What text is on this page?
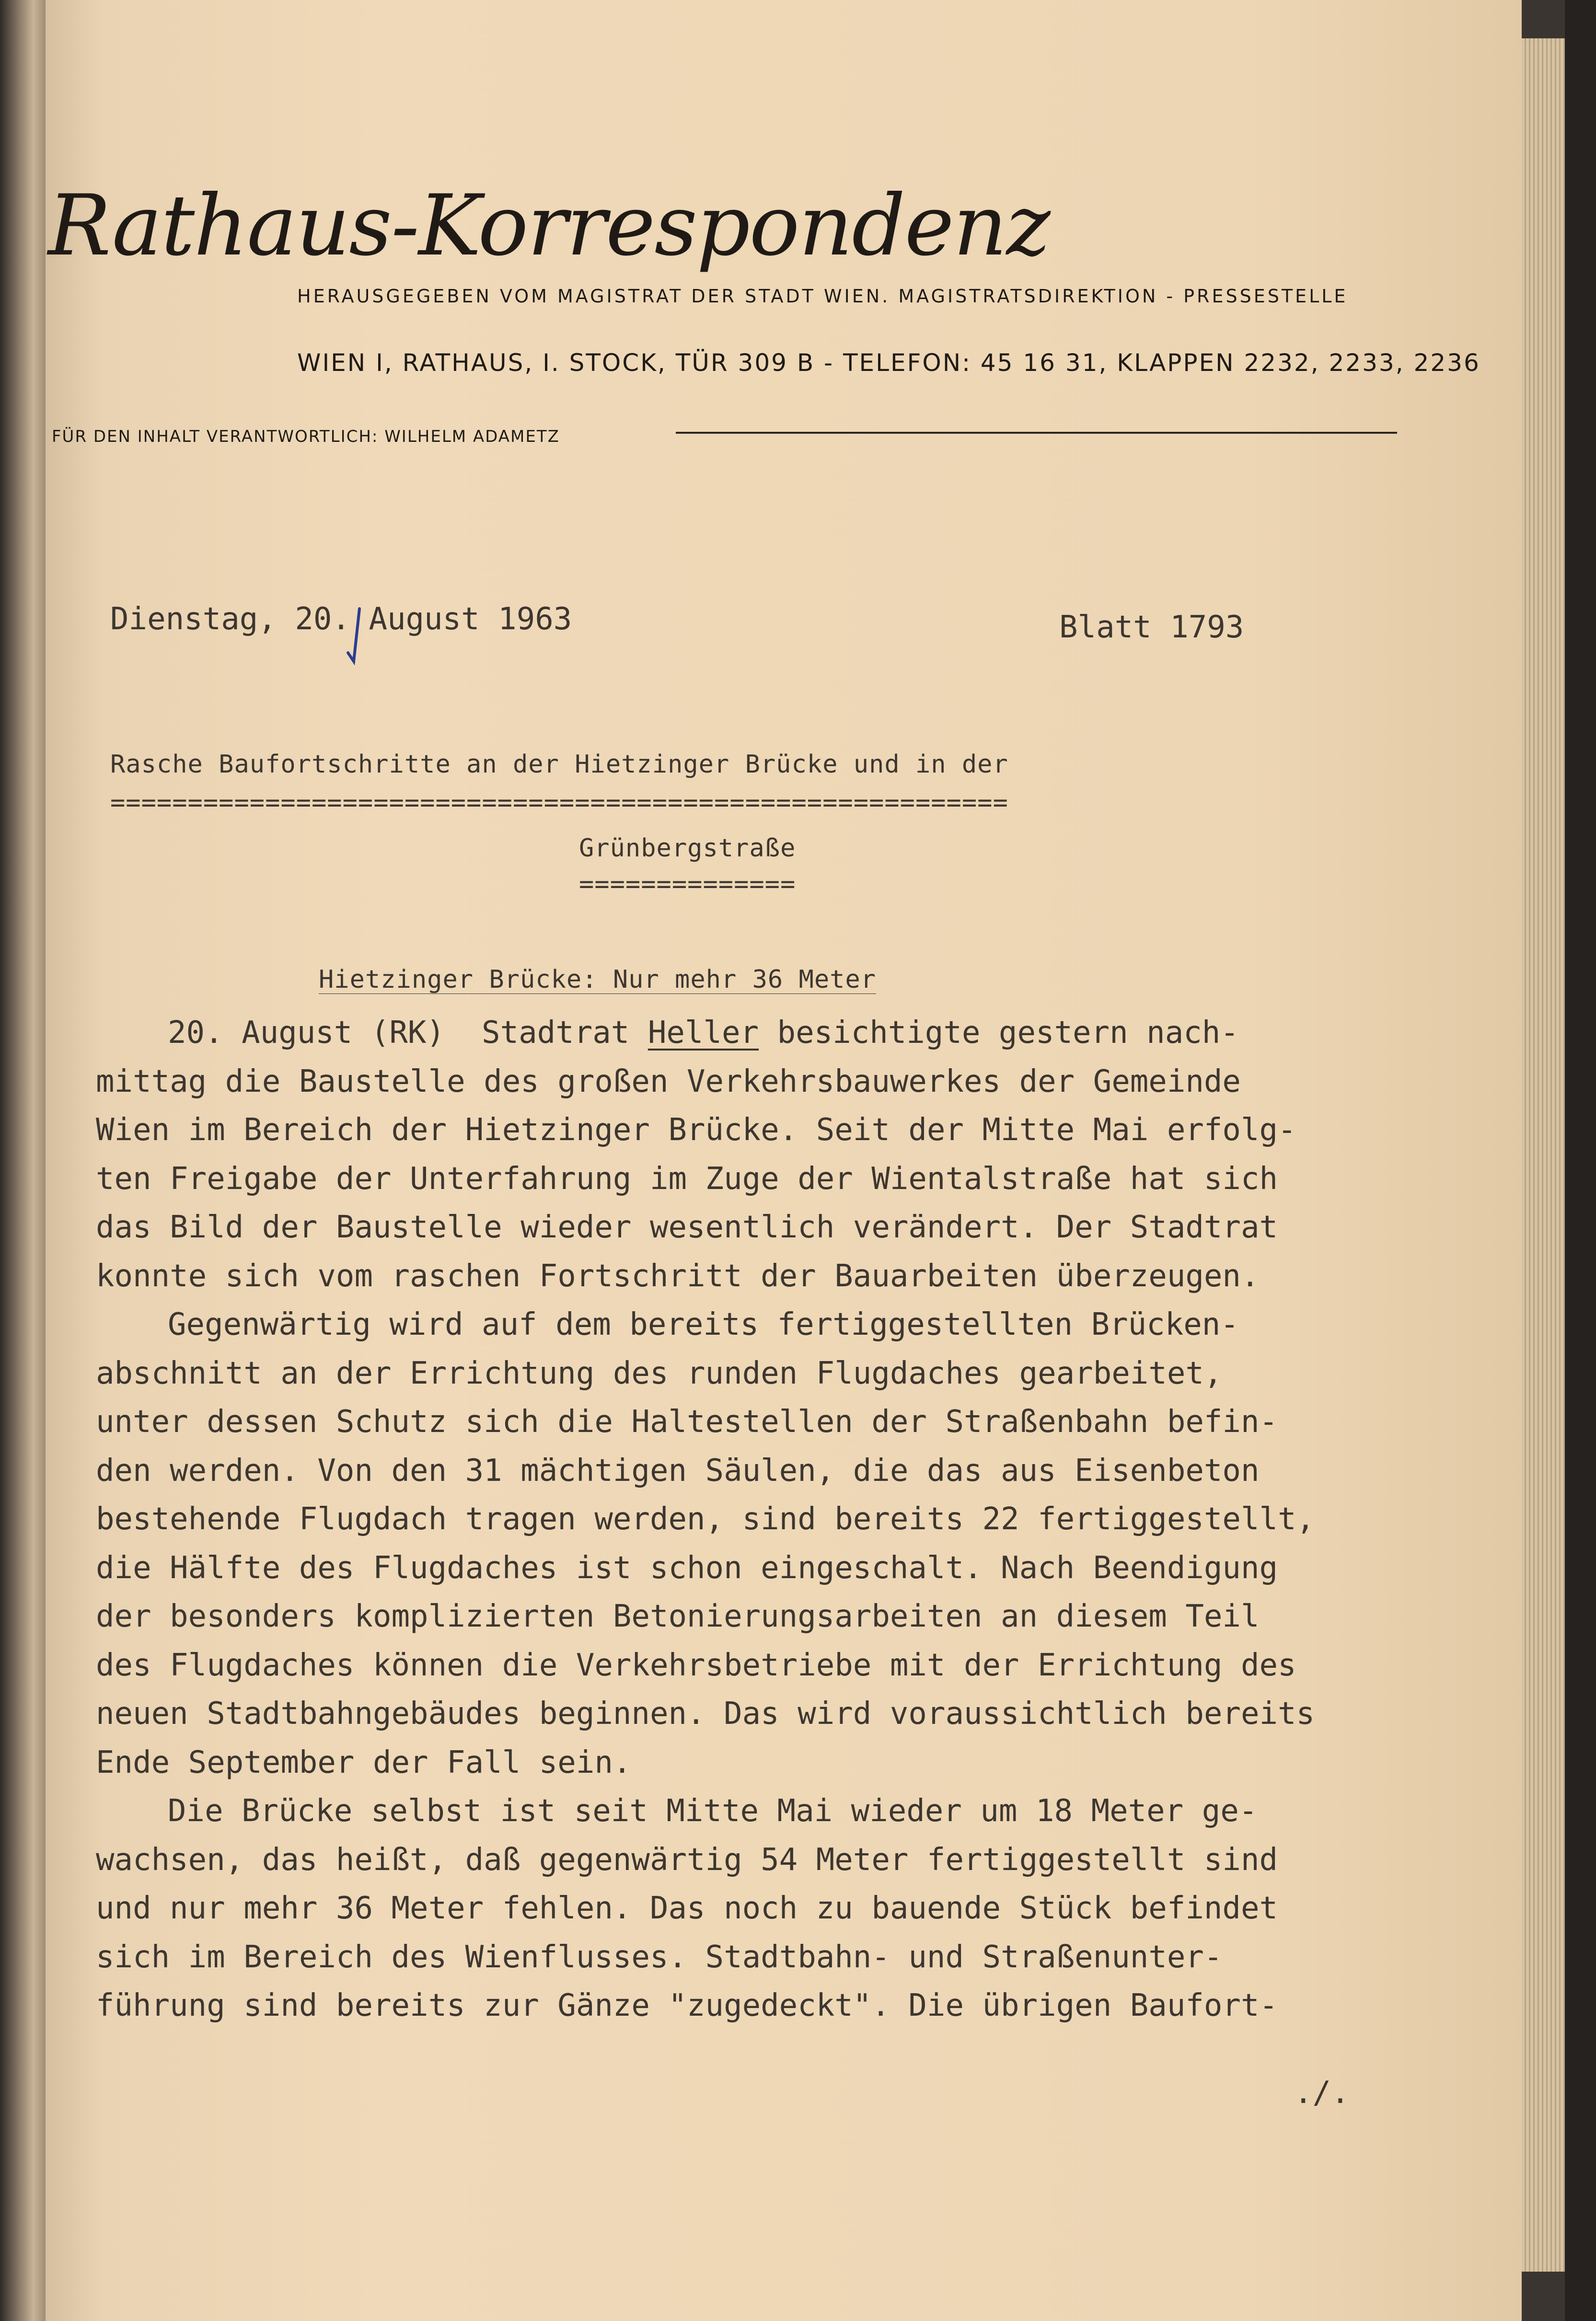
Rathaus-Korrespondenz
HERAUSGEGEBEN VOM MAGISTRAT DER STADT WIEN. MAGISTRATSDIREKTION - PRESSESTELLE
WIEN I, RATHAUS, I. STOCK, TÜR 309 B - TELEFON: 45 16 31, KLAPPEN 2232, 2233, 2236
FÜR DEN INHALT VERANTWORTLICH: WILHELM ADAMETZ
Dienstag, 20. August 1963	Blatt 1793
Rasche Baufortschritte an der Hietzinger Brücke und in der
==========================================================
Grünbergstraße
==============
Hietzinger Brücke: Nur mehr 36 Meter
20. August (RK)  Stadtrat Heller besichtigte gestern nach-
mittag die Baustelle des großen Verkehrsbauwerkes der Gemeinde
Wien im Bereich der Hietzinger Brücke. Seit der Mitte Mai erfolg-
ten Freigabe der Unterfahrung im Zuge der Wientalstraße hat sich
das Bild der Baustelle wieder wesentlich verändert. Der Stadtrat
konnte sich vom raschen Fortschritt der Bauarbeiten überzeugen.
Gegenwärtig wird auf dem bereits fertiggestellten Brücken-
abschnitt an der Errichtung des runden Flugdaches gearbeitet,
unter dessen Schutz sich die Haltestellen der Straßenbahn befin-
den werden. Von den 31 mächtigen Säulen, die das aus Eisenbeton
bestehende Flugdach tragen werden, sind bereits 22 fertiggestellt,
die Hälfte des Flugdaches ist schon eingeschalt. Nach Beendigung
der besonders komplizierten Betonierungsarbeiten an diesem Teil
des Flugdaches können die Verkehrsbetriebe mit der Errichtung des
neuen Stadtbahngebäudes beginnen. Das wird voraussichtlich bereits
Ende September der Fall sein.
Die Brücke selbst ist seit Mitte Mai wieder um 18 Meter ge-
wachsen, das heißt, daß gegenwärtig 54 Meter fertiggestellt sind
und nur mehr 36 Meter fehlen. Das noch zu bauende Stück befindet
sich im Bereich des Wienflusses. Stadtbahn- und Straßenunter-
führung sind bereits zur Gänze "zugedeckt". Die übrigen Baufort-
./.
